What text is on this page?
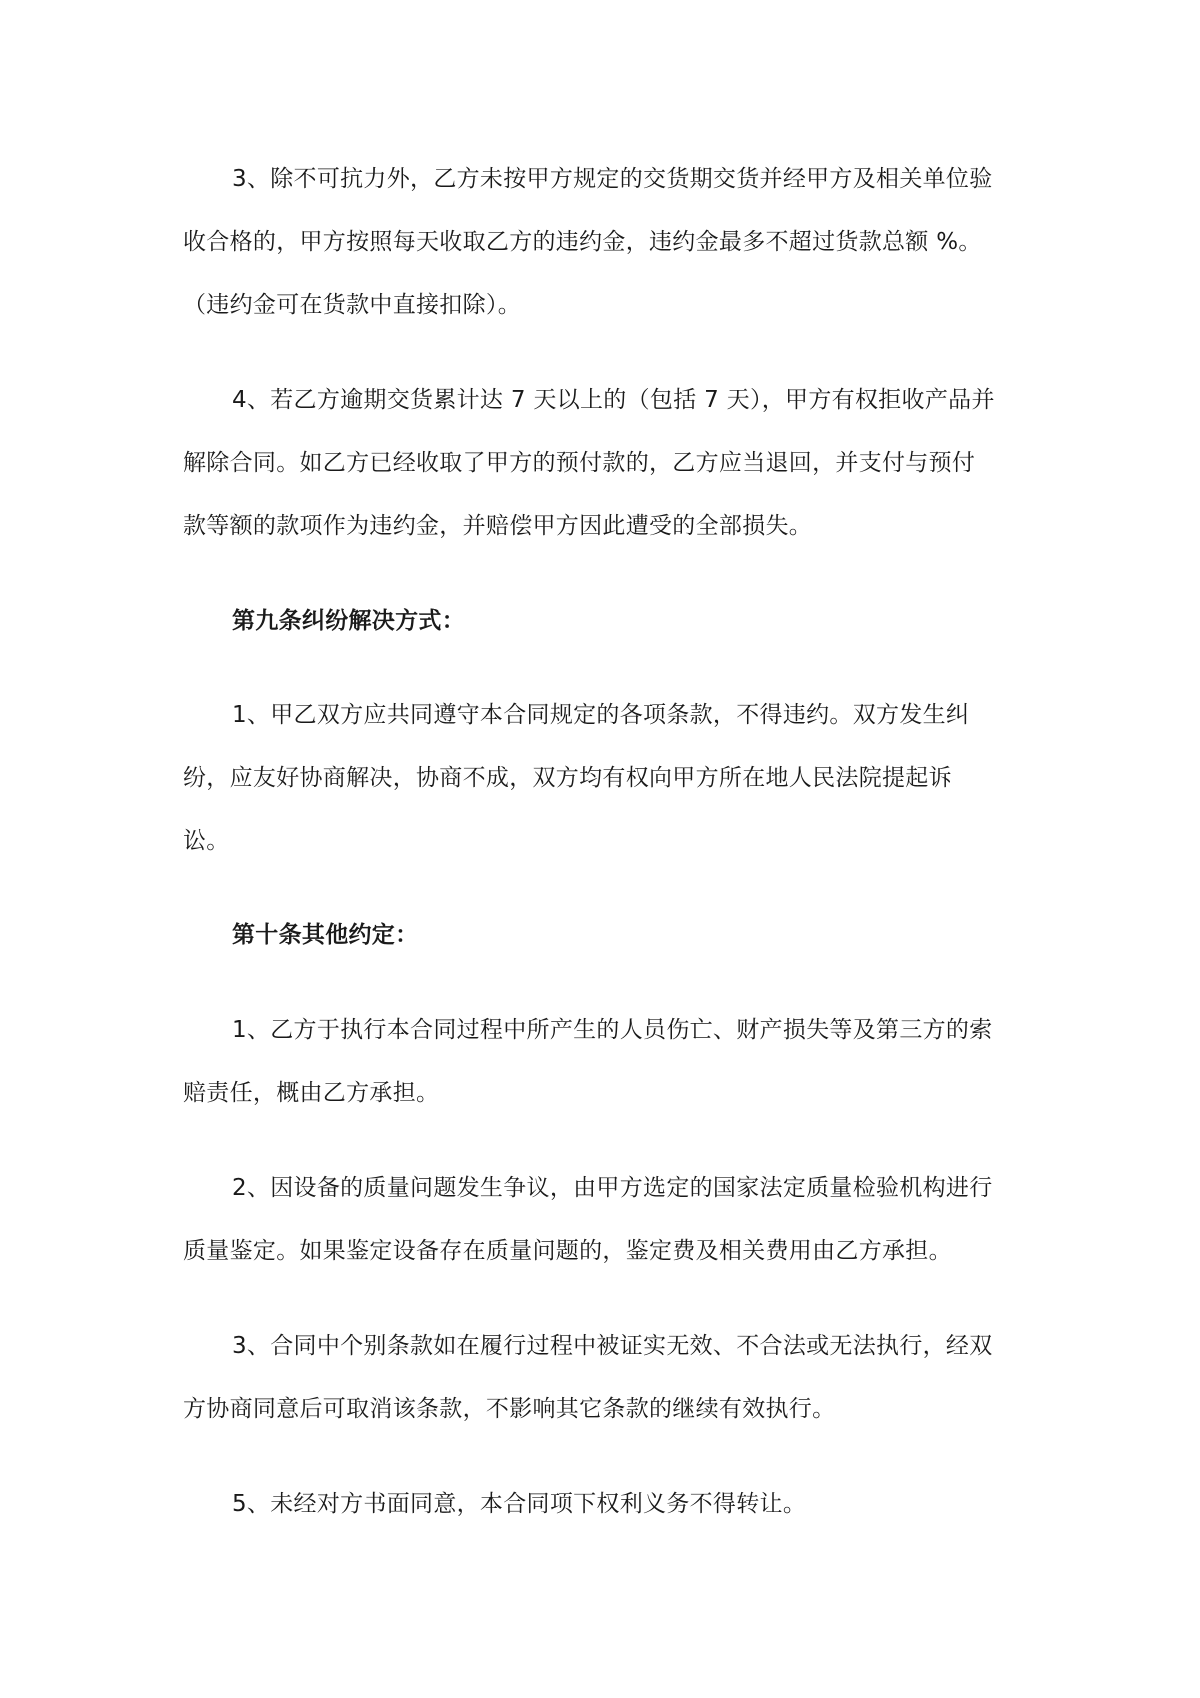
3、除不可抗力外，乙方未按甲方规定的交货期交货并经甲方及相关单位验
收合格的，甲方按照每天收取乙方的违约金，违约金最多不超过货款总额 %。
（违约金可在货款中直接扣除）。
4、若乙方逾期交货累计达 7 天以上的（包括 7 天），甲方有权拒收产品并
解除合同。如乙方已经收取了甲方的预付款的，乙方应当退回，并支付与预付
款等额的款项作为违约金，并赔偿甲方因此遭受的全部损失。
第九条纠纷解决方式：
1、甲乙双方应共同遵守本合同规定的各项条款，不得违约。双方发生纠
纷，应友好协商解决，协商不成，双方均有权向甲方所在地人民法院提起诉
讼。
第十条其他约定：
1、乙方于执行本合同过程中所产生的人员伤亡、财产损失等及第三方的索
赔责任，概由乙方承担。
2、因设备的质量问题发生争议，由甲方选定的国家法定质量检验机构进行
质量鉴定。如果鉴定设备存在质量问题的，鉴定费及相关费用由乙方承担。
3、合同中个别条款如在履行过程中被证实无效、不合法或无法执行，经双
方协商同意后可取消该条款，不影响其它条款的继续有效执行。
5、未经对方书面同意，本合同项下权利义务不得转让。
